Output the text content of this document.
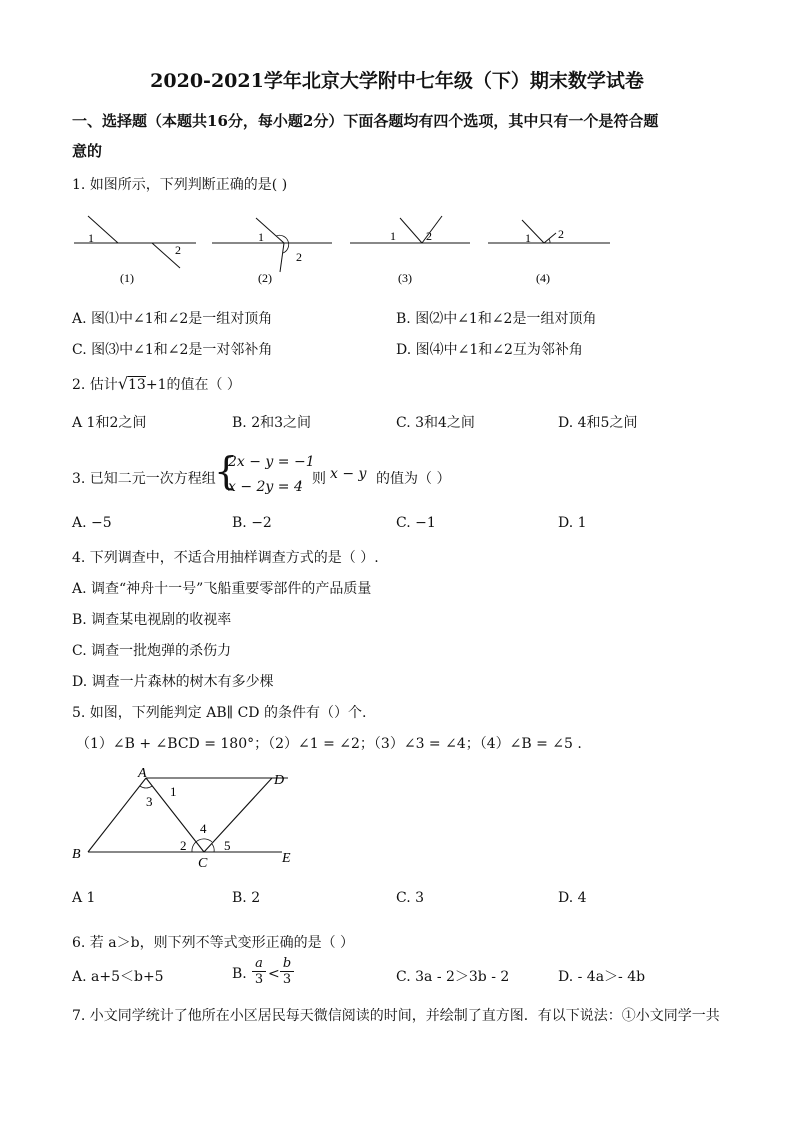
2020-2021学年北京大学附中七年级（下）期末数学试卷
一、选择题（本题共16分，每小题2分）下面各题均有四个选项，其中只有一个是符合题
意的
1. 如图所示，下列判断正确的是( )
1
2
(1)
1
2
(2)
1	2
(3)
1 2
(4)
A. 图⑴中∠1和∠2是一组对顶角	B. 图⑵中∠1和∠2是一组对顶角
C. 图⑶中∠1和∠2是一对邻补角	D. 图⑷中∠1和∠2互为邻补角
2. 估计√13+1的值在（ ）
A 1和2之间	B. 2和3之间	C. 3和4之间	D. 4和5之间
3. 已知二元一次方程组
{
2x − y = −1
x − 2y = 4
，则 x − y 的值为（ ）
A. −5	B. −2	C. −1	D. 1
4. 下列调查中，不适合用抽样调查方式的是（ ）.
A. 调查“神舟十一号”飞船重要零部件的产品质量
B. 调查某电视剧的收视率
C. 调查一批炮弹的杀伤力
D. 调查一片森林的树木有多少棵
5. 如图，下列能判定 AB∥ CD 的条件有（）个.
（1）∠B + ∠BCD = 180°；（2）∠1 = ∠2；（3）∠3 = ∠4；（4）∠B = ∠5 .
A
B
C
D
E
1
2
3
4
5
A 1	B. 2	C. 3	D. 4
6. 若 a＞b，则下列不等式变形正确的是（ ）
A. a+5＜b+5	B. $\frac{a}{3} < \frac{b}{3}$	C. 3a - 2＞3b - 2	D. - 4a＞- 4b
7. 小文同学统计了他所在小区居民每天微信阅读的时间，并绘制了直方图．有以下说法：①小文同学一共
